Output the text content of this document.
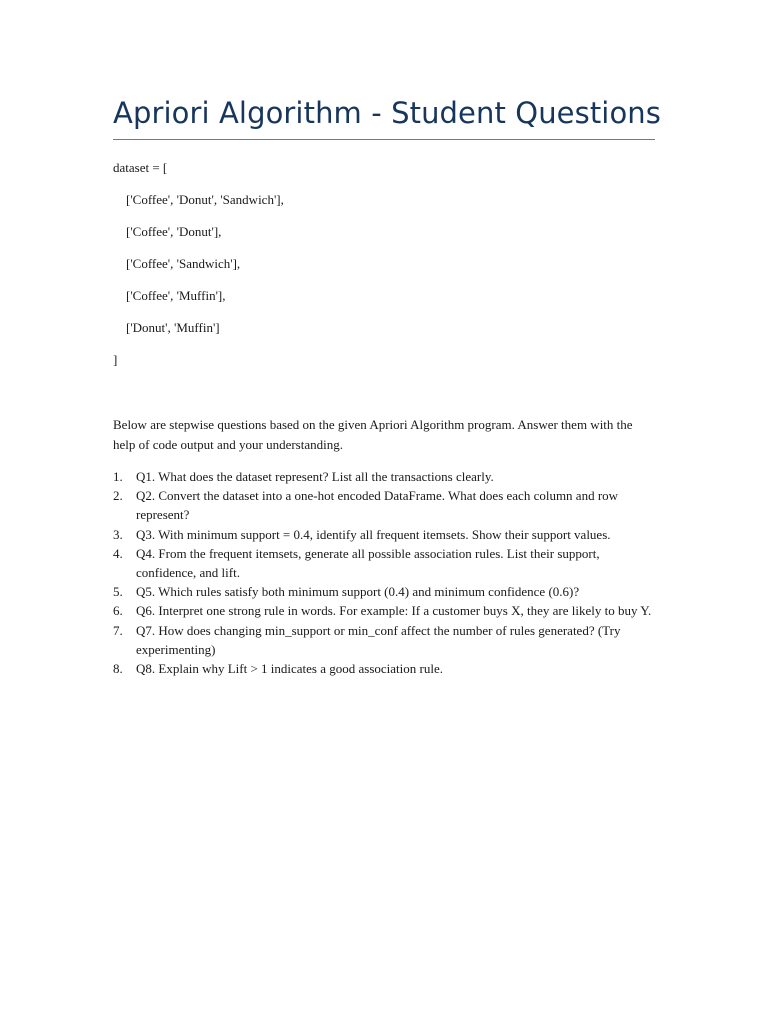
Apriori Algorithm - Student Questions
dataset = [
['Coffee', 'Donut', 'Sandwich'],
['Coffee', 'Donut'],
['Coffee', 'Sandwich'],
['Coffee', 'Muffin'],
['Donut', 'Muffin']
]

Below are stepwise questions based on the given Apriori Algorithm program. Answer them with the help of code output and your understanding.

1. Q1. What does the dataset represent? List all the transactions clearly.
2. Q2. Convert the dataset into a one-hot encoded DataFrame. What does each column and row represent?
3. Q3. With minimum support = 0.4, identify all frequent itemsets. Show their support values.
4. Q4. From the frequent itemsets, generate all possible association rules. List their support, confidence, and lift.
5. Q5. Which rules satisfy both minimum support (0.4) and minimum confidence (0.6)?
6. Q6. Interpret one strong rule in words. For example: If a customer buys X, they are likely to buy Y.
7. Q7. How does changing min_support or min_conf affect the number of rules generated? (Try experimenting)
8. Q8. Explain why Lift > 1 indicates a good association rule.
